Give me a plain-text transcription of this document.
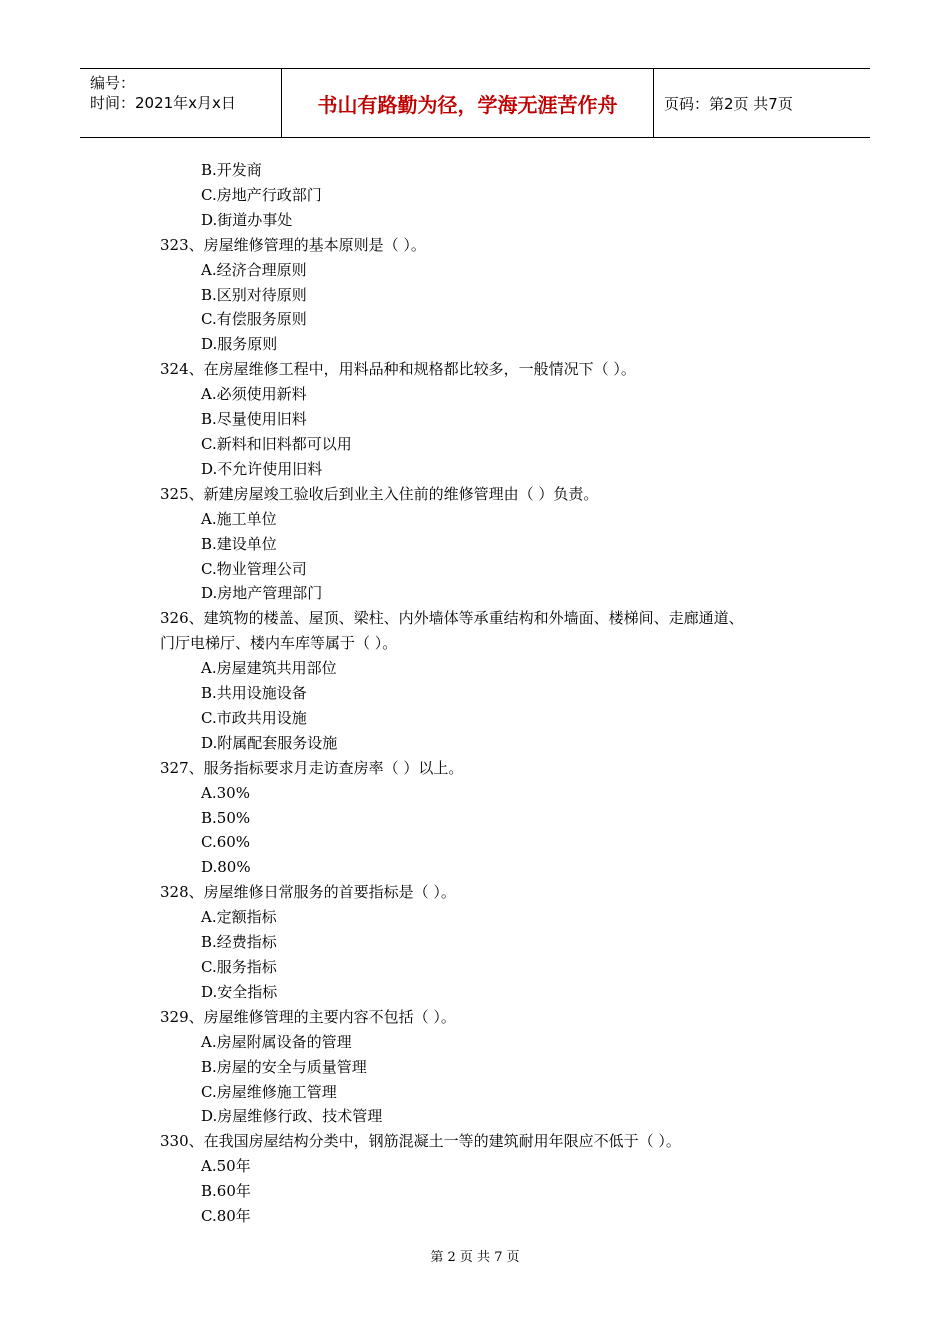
编号：
时间：2021年x月x日	书山有路勤为径，学海无涯苦作舟	页码：第2页 共7页

B.开发商

C.房地产行政部门

D.街道办事处

323、房屋维修管理的基本原则是（ ）。

A.经济合理原则

B.区别对待原则

C.有偿服务原则

D.服务原则

324、在房屋维修工程中，用料品种和规格都比较多，一般情况下（ ）。

A.必须使用新料

B.尽量使用旧料

C.新料和旧料都可以用

D.不允许使用旧料

325、新建房屋竣工验收后到业主入住前的维修管理由（ ）负责。

A.施工单位

B.建设单位

C.物业管理公司

D.房地产管理部门

326、建筑物的楼盖、屋顶、梁柱、内外墙体等承重结构和外墙面、楼梯间、走廊通道、

门厅电梯厅、楼内车库等属于（ ）。

A.房屋建筑共用部位

B.共用设施设备

C.市政共用设施

D.附属配套服务设施

327、服务指标要求月走访查房率（ ）以上。

A.30%

B.50%

C.60%

D.80%

328、房屋维修日常服务的首要指标是（ ）。

A.定额指标

B.经费指标

C.服务指标

D.安全指标

329、房屋维修管理的主要内容不包括（ ）。

A.房屋附属设备的管理

B.房屋的安全与质量管理

C.房屋维修施工管理

D.房屋维修行政、技术管理

330、在我国房屋结构分类中，钢筋混凝土一等的建筑耐用年限应不低于（ ）。

A.50年

B.60年

C.80年

第 2 页 共 7 页
